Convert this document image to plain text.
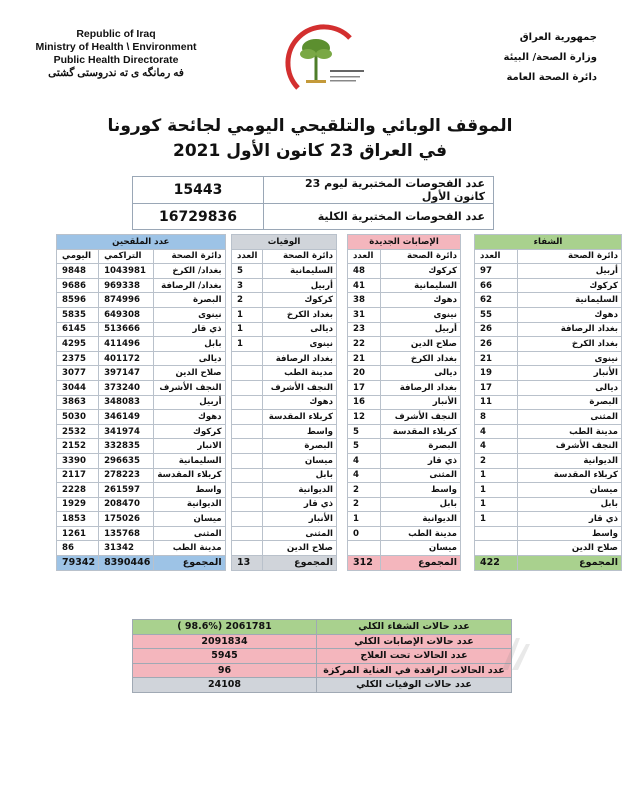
Republic of Iraq
Ministry of Health \ Environment
Public Health Directorate
فه رمانگه ی ته ندروستی گشتی
جمهورية العراق
وزارة الصحة/ البيئة
دائرة الصحة العامة
الموقف الوبائي والتلقيحي اليومي لجائحة كورونا
في العراق 23 كانون الأول 2021
عدد الفحوصات المختبرية ليوم 23 كانون الأول	15443
عدد الفحوصات المختبرية الكلية	16729836
الشفاء	
العدد	دائرة الصحة
97	أربيل
66	كركوك
62	السليمانية
55	دهوك
26	بغداد الرصافة
26	بغداد الكرخ
21	نينوى
19	الأنبار
17	ديالى
11	البصرة
8	المثنى
4	مدينة الطب
4	النجف الأشرف
2	الديوانية
1	كربلاء المقدسة
1	ميسان
1	بابل
1	ذي قار
	واسط
	صلاح الدين
422	المجموع
الإصابات الجديدة	
العدد	دائرة الصحة
48	كركوك
41	السليمانية
38	دهوك
31	نينوى
23	أربيل
22	صلاح الدين
21	بغداد الكرخ
20	ديالى
17	بغداد الرصافة
16	الأنبار
12	النجف الأشرف
5	كربلاء المقدسة
5	البصرة
4	ذي قار
4	المثنى
2	واسط
2	بابل
1	الديوانية
0	مدينة الطب
	ميسان
312	المجموع
الوفيات	
العدد	دائرة الصحة
5	السليمانية
3	أربيل
2	كركوك
1	بغداد الكرخ
1	ديالى
1	نينوى
	بغداد الرصافة
	مدينة الطب
	النجف الأشرف
	دهوك
	كربلاء المقدسة
	واسط
	البصرة
	ميسان
	بابل
	الديوانية
	ذي قار
	الأنبار
	المثنى
	صلاح الدين
13	المجموع
عدد الملقحين		
اليومي	التراكمي	دائرة الصحة
9848	1043981	بغداد/ الكرخ
9686	969338	بغداد/ الرصافة
8596	874996	البصرة
5835	649308	نينوى
6145	513666	ذي قار
4295	411496	بابل
2375	401172	ديالى
3077	397147	صلاح الدين
3044	373240	النجف الأشرف
3863	348083	أربيل
5030	346149	دهوك
2532	341974	كركوك
2152	332835	الانبار
3390	296635	السليمانية
2117	278223	كربلاء المقدسة
2228	261597	واسط
1929	208470	الديوانية
1853	175026	ميسان
1261	135768	المثنى
86	31342	مدينة الطب
79342	8390446	المجموع
( 98.6%) 2061781	عدد حالات الشفاء الكلي
2091834	عدد حالات الإصابات الكلي
5945	عدد الحالات تحت العلاج
96	عدد الحالات الراقدة في العناية المركزة
24108	عدد حالات الوفيات الكلي
